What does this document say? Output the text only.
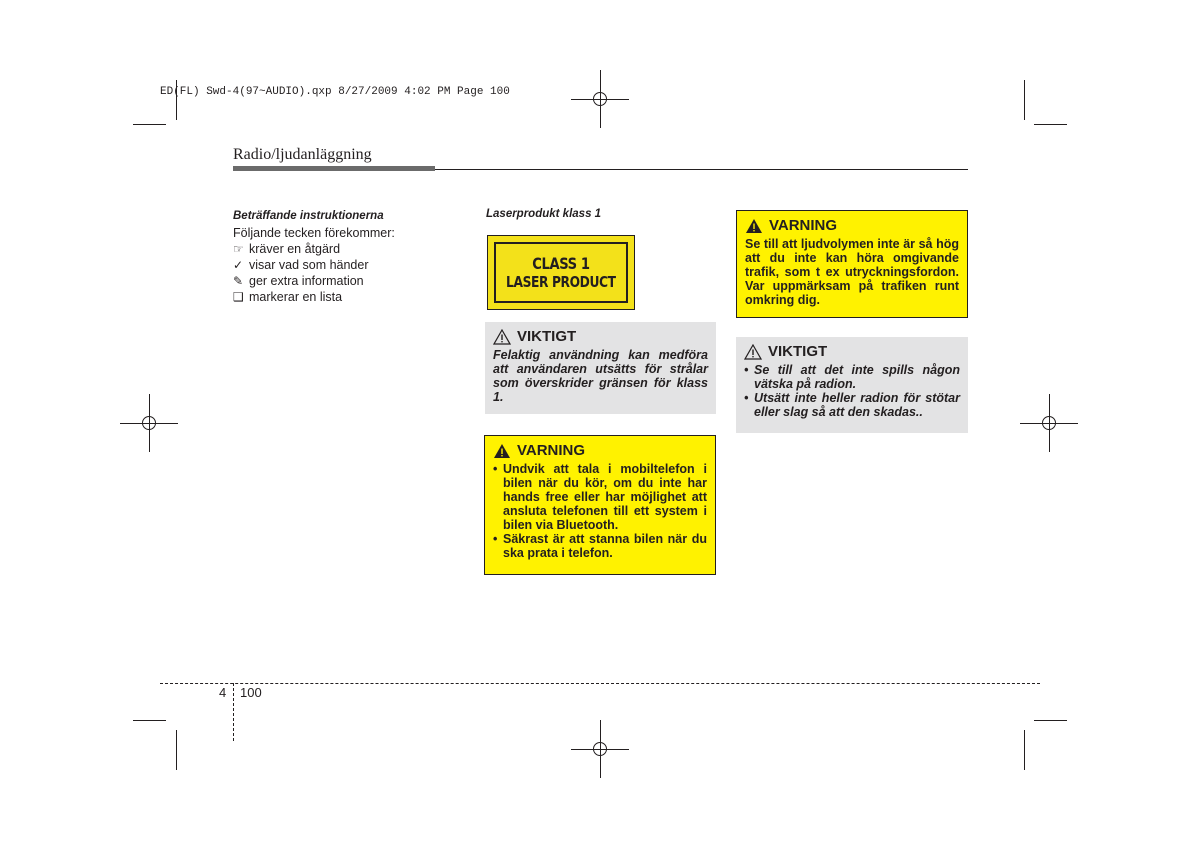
ED(FL) Swd-4(97~AUDIO).qxp 8/27/2009 4:02 PM Page 100
Radio/ljudanläggning
Beträffande instruktionerna
Följande tecken förekommer:
☞ kräver en åtgärd
✓ visar vad som händer
✎ ger extra information
❑ markerar en lista
Laserprodukt klass 1
CLASS 1
LASER PRODUCT
VIKTIGT
Felaktig användning kan medföra att användaren utsätts för strålar som överskrider gränsen för klass 1.
VARNING
• Undvik att tala i mobiltelefon i bilen när du kör, om du inte har hands free eller har möjlighet att ansluta telefonen till ett system i bilen via Bluetooth.
• Säkrast är att stanna bilen när du ska prata i telefon.
VARNING
Se till att ljudvolymen inte är så hög att du inte kan höra omgivande trafik, som t ex utryckningsfordon. Var uppmärksam på trafiken runt omkring dig.
VIKTIGT
• Se till att det inte spills någon vätska på radion.
• Utsätt inte heller radion för stötar eller slag så att den skadas..
4 100
